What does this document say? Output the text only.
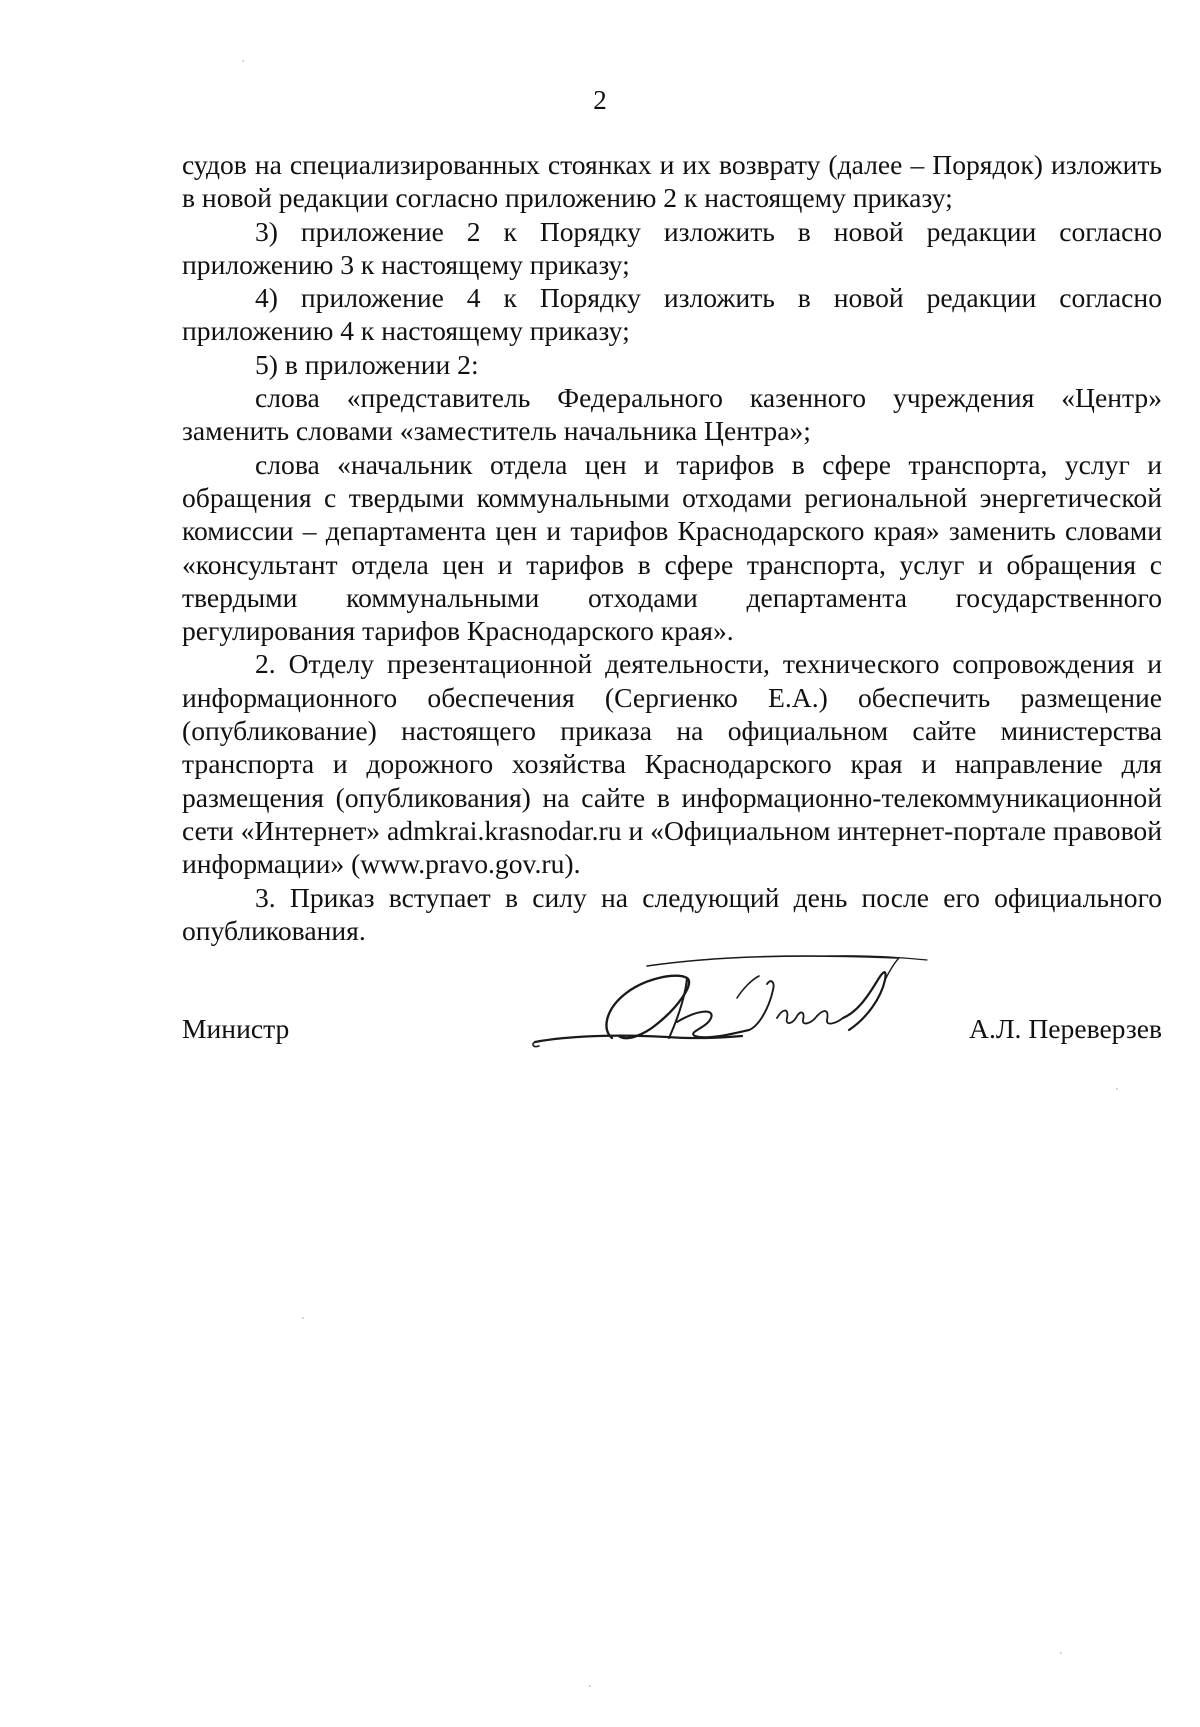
2

судов на специализированных стоянках и их возврату (далее – Порядок) изложить в новой редакции согласно приложению 2 к настоящему приказу;

3) приложение 2 к Порядку изложить в новой редакции согласно приложению 3 к настоящему приказу;

4) приложение 4 к Порядку изложить в новой редакции согласно приложению 4 к настоящему приказу;

5) в приложении 2:

слова «представитель Федерального казенного учреждения «Центр» заменить словами «заместитель начальника Центра»;

слова «начальник отдела цен и тарифов в сфере транспорта, услуг и обращения с твердыми коммунальными отходами региональной энергетической комиссии – департамента цен и тарифов Краснодарского края» заменить словами «консультант отдела цен и тарифов в сфере транспорта, услуг и обращения с твердыми коммунальными отходами департамента государственного регулирования тарифов Краснодарского края».

2. Отделу презентационной деятельности, технического сопровождения и информационного обеспечения (Сергиенко Е.А.) обеспечить размещение (опубликование) настоящего приказа на официальном сайте министерства транспорта и дорожного хозяйства Краснодарского края и направление для размещения (опубликования) на сайте в информационно-телекоммуникационной сети «Интернет» admkrai.krasnodar.ru и «Официальном интернет-портале правовой информации» (www.pravo.gov.ru).

3. Приказ вступает в силу на следующий день после его официального опубликования.

Министр	А.Л. Переверзев
